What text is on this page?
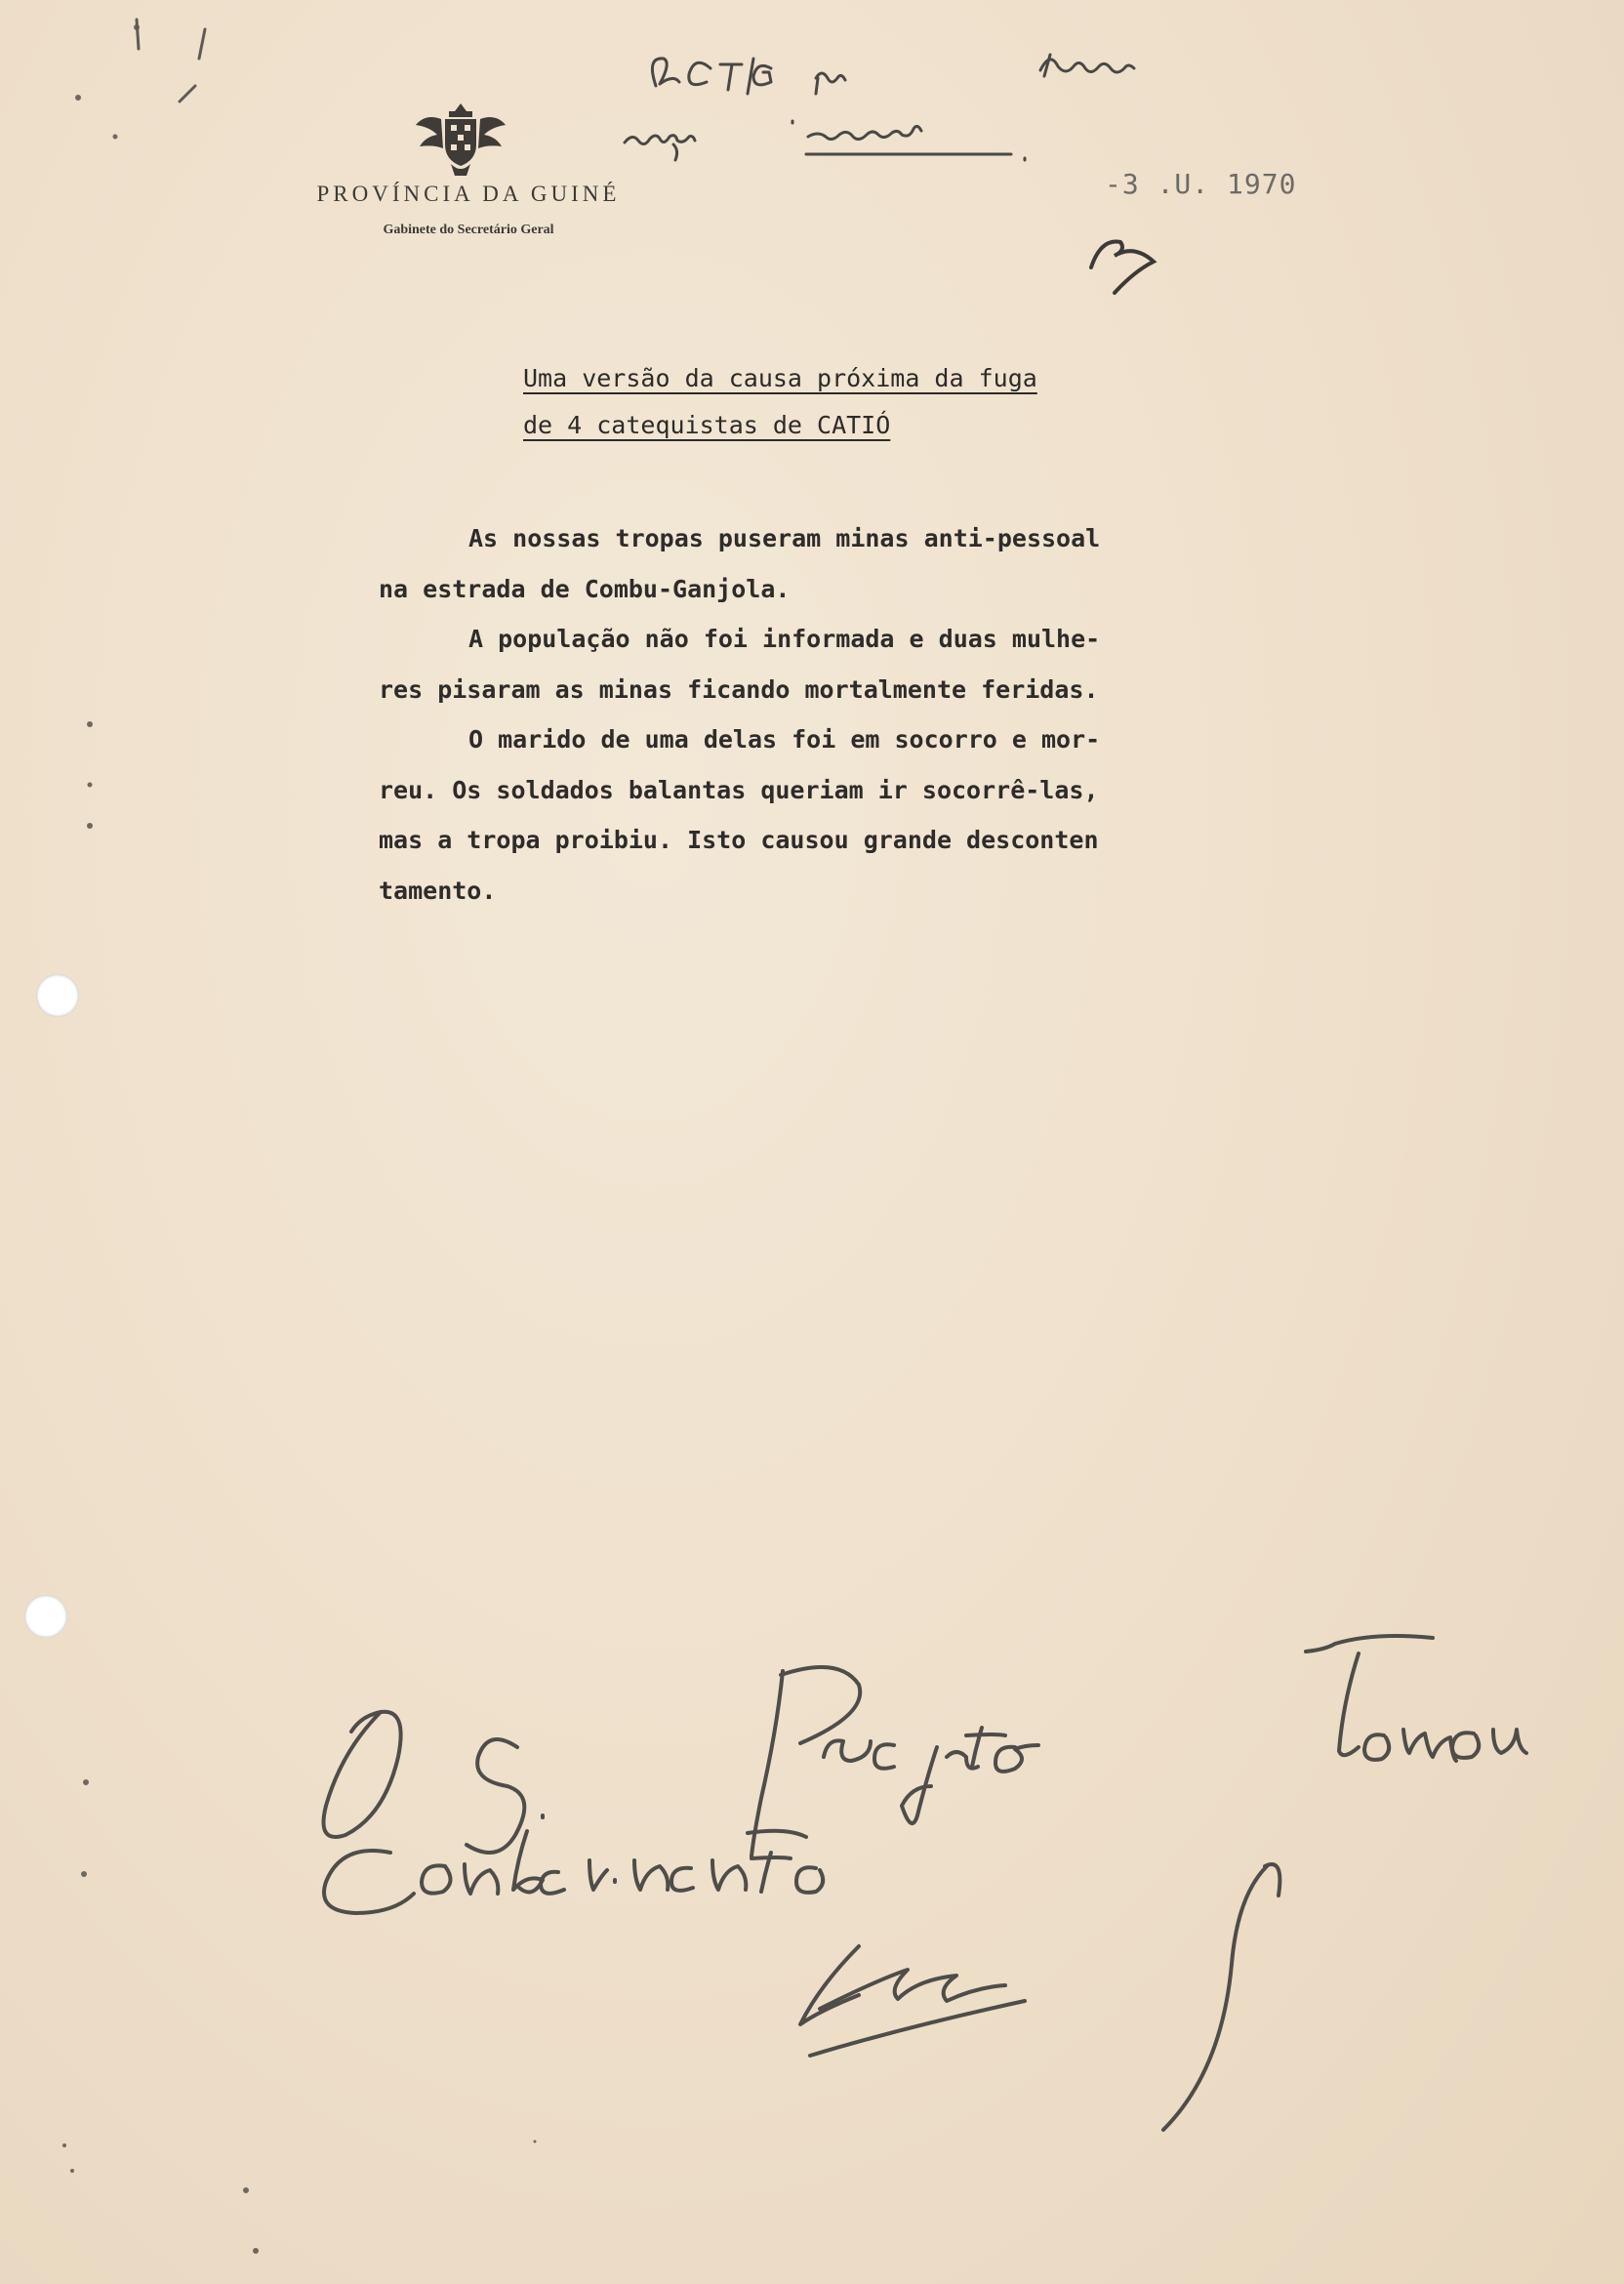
PROVÍNCIA DA GUINÉ
Gabinete do Secretário Geral
-3 .U. 1970
Uma versão da causa próxima da fuga
de 4 catequistas de CATIÓ
As nossas tropas puseram minas anti-pessoal
na estrada de Combu-Ganjola.
A população não foi informada e duas mulhe-
res pisaram as minas ficando mortalmente feridas.
O marido de uma delas foi em socorro e mor-
reu. Os soldados balantas queriam ir socorrê-las,
mas a tropa proibiu. Isto causou grande desconten
tamento.
